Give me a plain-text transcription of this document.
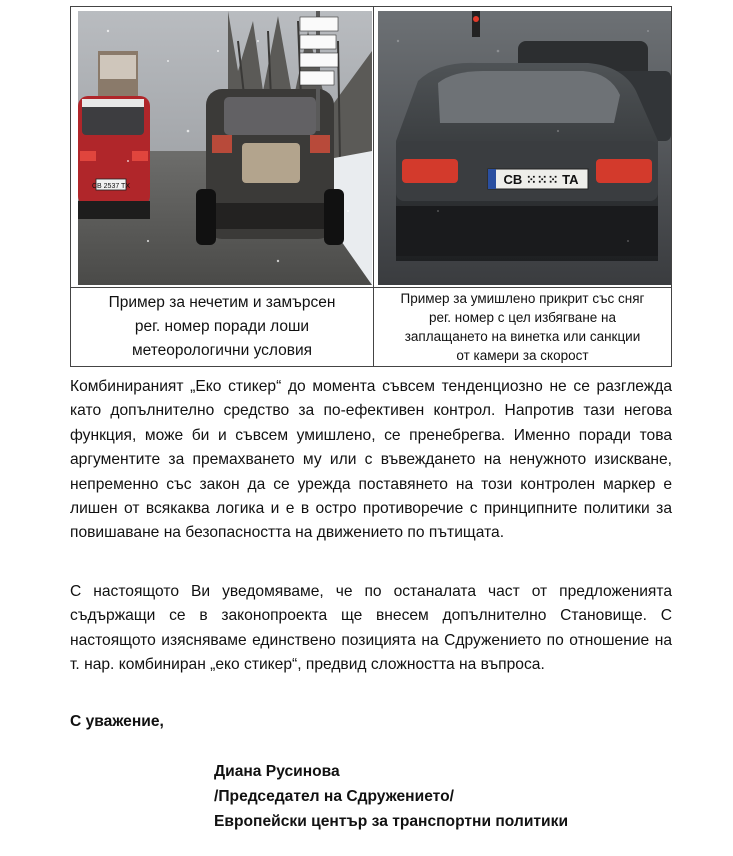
CB 2537 TX	CB ⁙⁙⁙ TA
Пример за нечетим и замърсен
рег. номер поради лоши
метеорологични условия
Пример за умишлено прикрит със сняг
рег. номер с цел избягване на
заплащането на винетка или санкции
от камери за скорост

Комбинираният „Еко стикер“ до момента съвсем тенденциозно не се разглежда като допълнително средство за по-ефективен контрол. Напротив тази негова функция, може би и съвсем умишлено, се пренебрегва. Именно поради това аргументите за премахването му или с въвеждането на ненужното изискване, непременно със закон да се урежда поставянето на този контролен маркер е лишен от всякаква логика и е в остро противоречие с принципните политики за повишаване на безопасността на движението по пътищата.

С настоящото Ви уведомяваме, че по останалата част от предложенията съдържащи се в законопроекта ще внесем допълнително Становище. С настоящото изясняваме единствено позицията на Сдружението по отношение на т. нар. комбиниран „еко стикер“, предвид сложността на въпроса.

С уважение,
Диана Русинова
/Председател на Сдружението/
Европейски център за транспортни политики
